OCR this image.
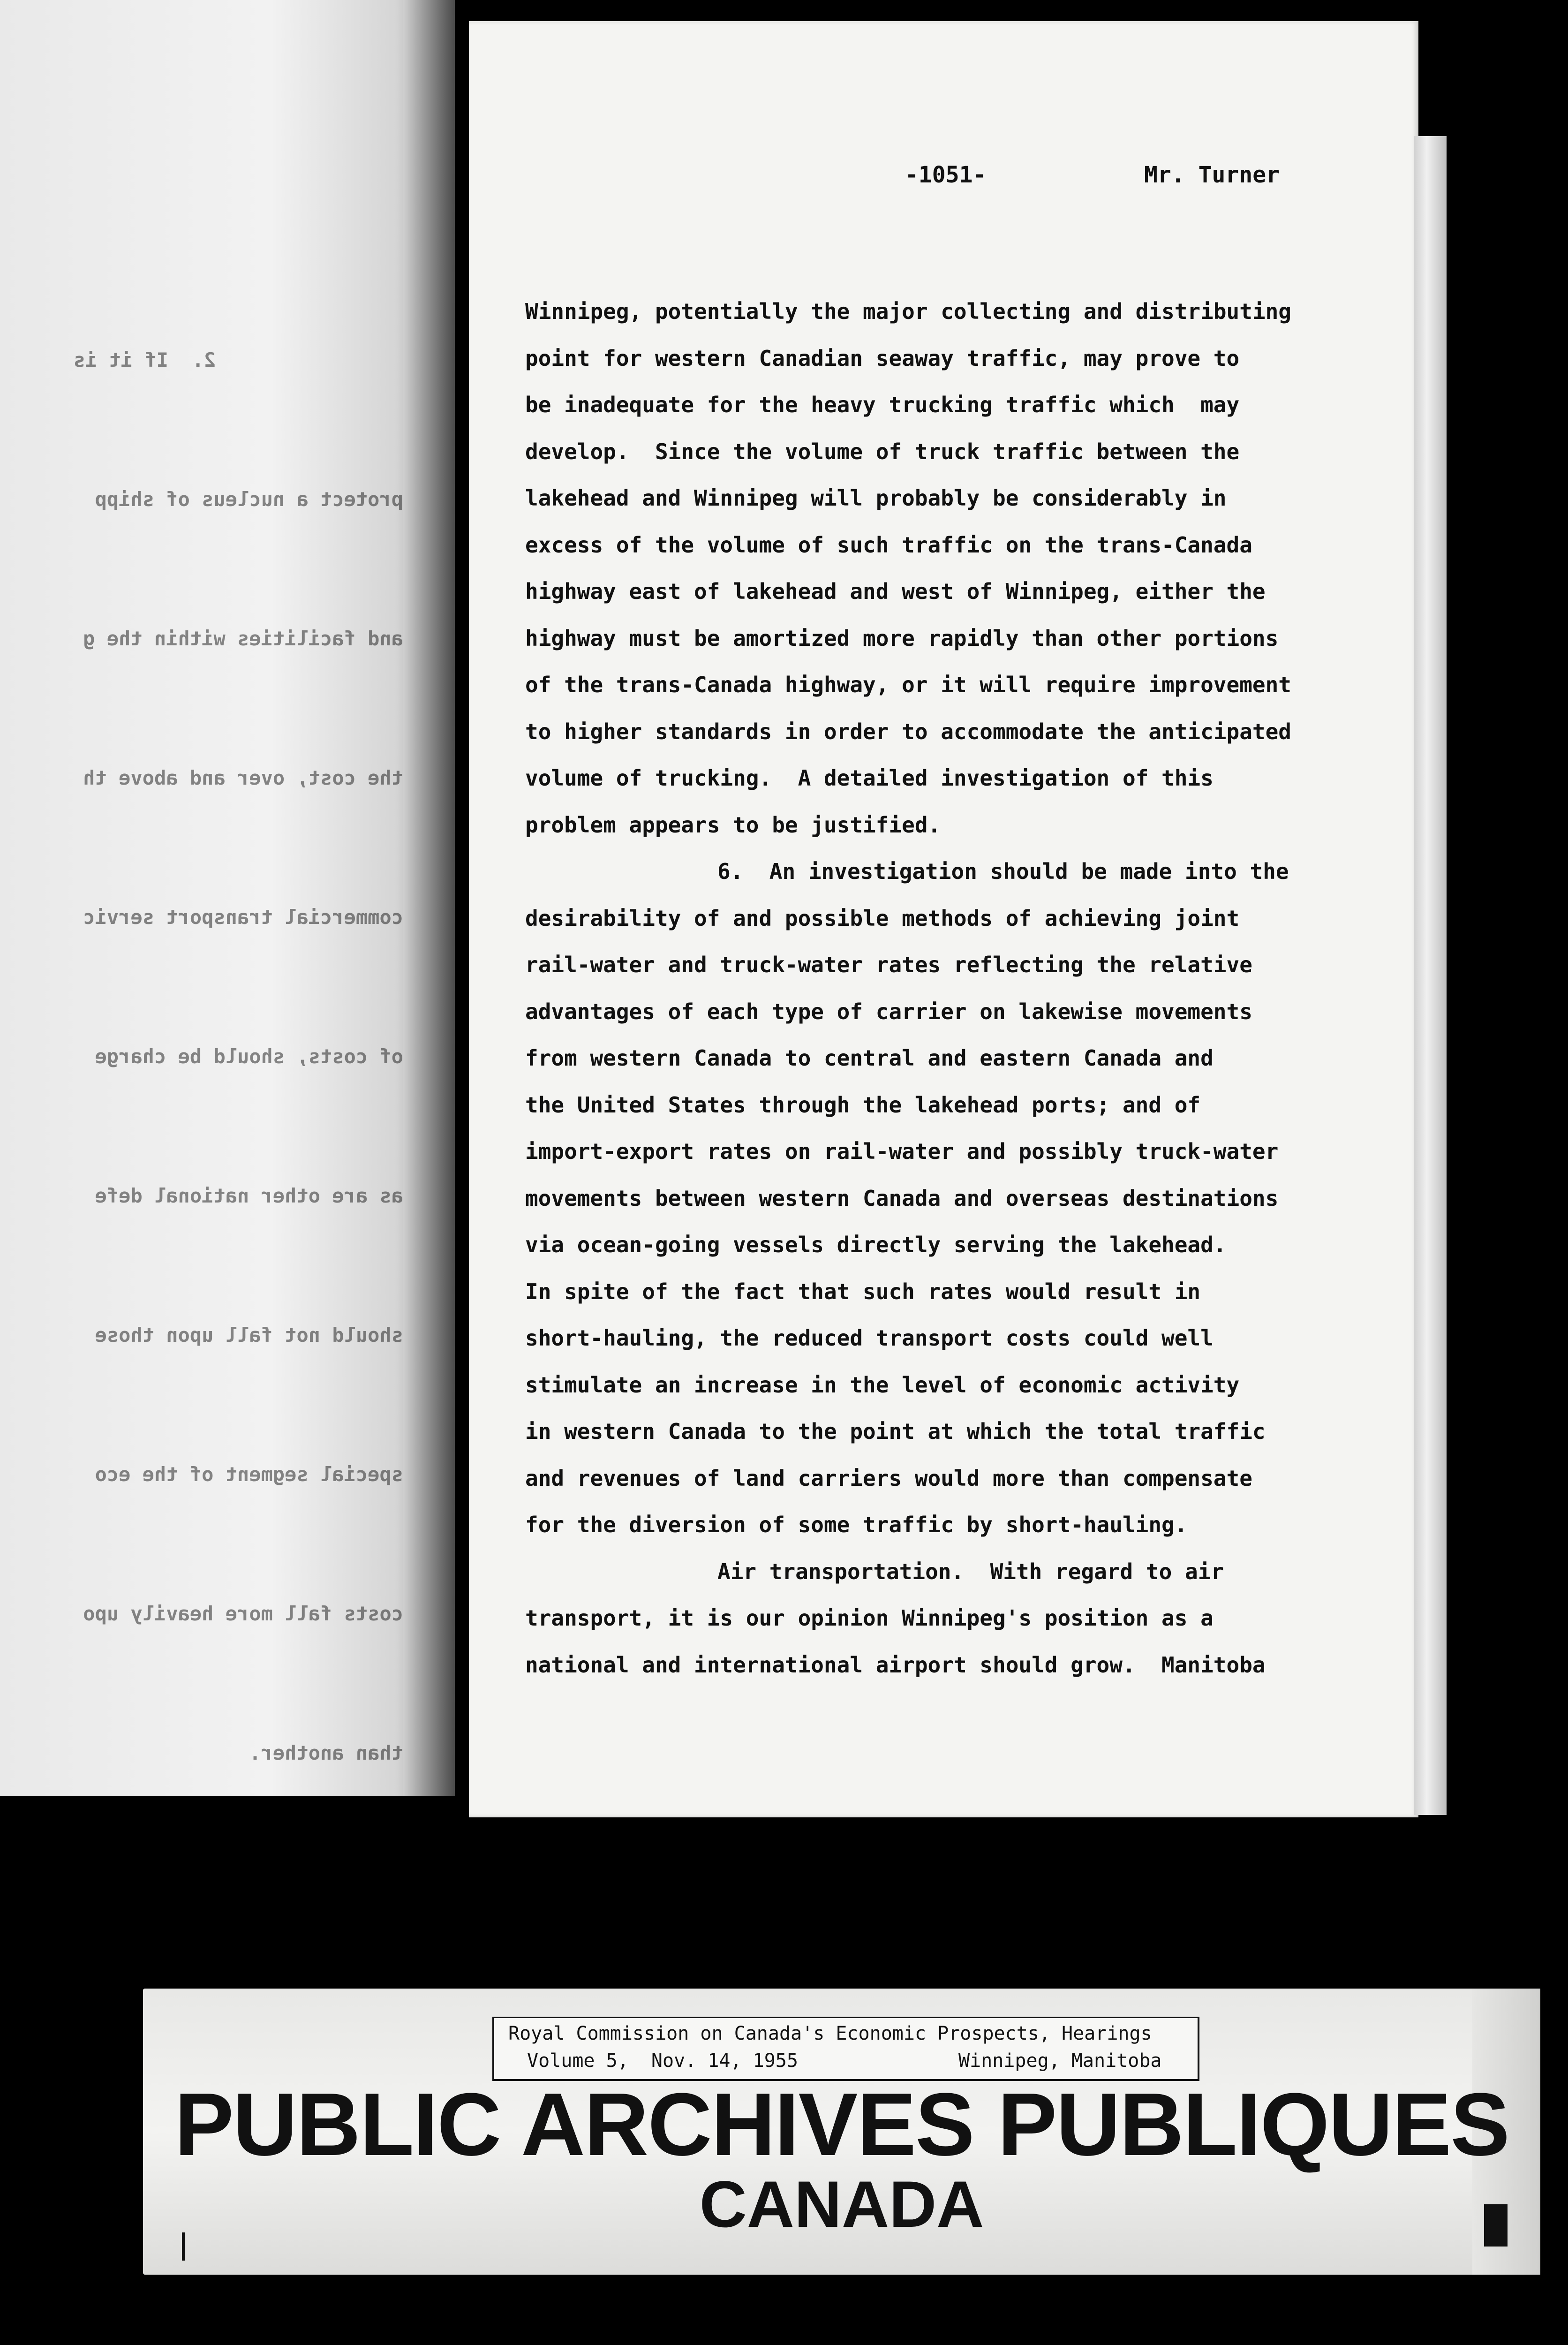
2.  If it is

protect a nucleus of shipp

and facilities within the g

the cost, over and above th

commercial transport servic

of costs, should be charge

as are other national defe

should not fall upon those

special segment of the eco

costs fall more heavily upo

than another.

-1051-	Mr. Turner
Winnipeg, potentially the major collecting and distributing
point for western Canadian seaway traffic, may prove to
be inadequate for the heavy trucking traffic which  may
develop.  Since the volume of truck traffic between the
lakehead and Winnipeg will probably be considerably in
excess of the volume of such traffic on the trans-Canada
highway east of lakehead and west of Winnipeg, either the
highway must be amortized more rapidly than other portions
of the trans-Canada highway, or it will require improvement
to higher standards in order to accommodate the anticipated
volume of trucking.  A detailed investigation of this
problem appears to be justified.
6.  An investigation should be made into the
desirability of and possible methods of achieving joint
rail-water and truck-water rates reflecting the relative
advantages of each type of carrier on lakewise movements
from western Canada to central and eastern Canada and
the United States through the lakehead ports; and of
import-export rates on rail-water and possibly truck-water
movements between western Canada and overseas destinations
via ocean-going vessels directly serving the lakehead.
In spite of the fact that such rates would result in
short-hauling, the reduced transport costs could well
stimulate an increase in the level of economic activity
in western Canada to the point at which the total traffic
and revenues of land carriers would more than compensate
for the diversion of some traffic by short-hauling.
Air transportation.  With regard to air
transport, it is our opinion Winnipeg's position as a
national and international airport should grow.  Manitoba
Royal Commission on Canada's Economic Prospects, Hearings
Volume 5,  Nov. 14, 1955	Winnipeg, Manitoba
PUBLIC ARCHIVES PUBLIQUES
CANADA
